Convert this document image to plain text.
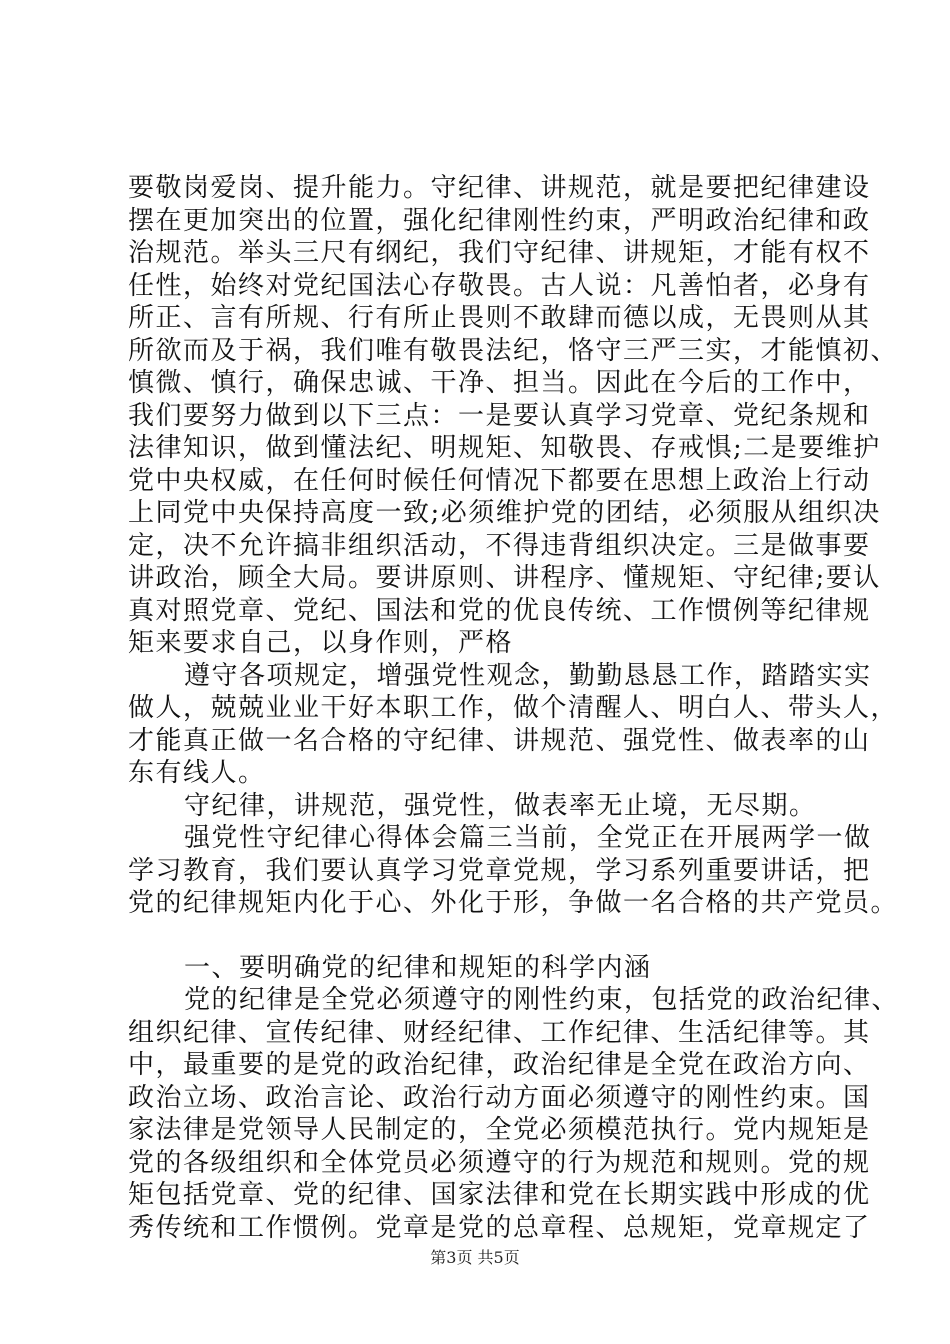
要敬岗爱岗、提升能力。守纪律、讲规范，就是要把纪律建设
摆在更加突出的位置，强化纪律刚性约束，严明政治纪律和政
治规范。举头三尺有纲纪，我们守纪律、讲规矩，才能有权不
任性，始终对党纪国法心存敬畏。古人说：凡善怕者，必身有
所正、言有所规、行有所止畏则不敢肆而德以成，无畏则从其
所欲而及于祸，我们唯有敬畏法纪，恪守三严三实，才能慎初、
慎微、慎行，确保忠诚、干净、担当。因此在今后的工作中，
我们要努力做到以下三点：一是要认真学习党章、党纪条规和
法律知识，做到懂法纪、明规矩、知敬畏、存戒惧;二是要维护
党中央权威，在任何时候任何情况下都要在思想上政治上行动
上同党中央保持高度一致;必须维护党的团结，必须服从组织决
定，决不允许搞非组织活动，不得违背组织决定。三是做事要
讲政治，顾全大局。要讲原则、讲程序、懂规矩、守纪律;要认
真对照党章、党纪、国法和党的优良传统、工作惯例等纪律规
矩来要求自己，以身作则，严格
遵守各项规定，增强党性观念，勤勤恳恳工作，踏踏实实
做人，兢兢业业干好本职工作，做个清醒人、明白人、带头人，
才能真正做一名合格的守纪律、讲规范、强党性、做表率的山
东有线人。
守纪律，讲规范，强党性，做表率无止境，无尽期。
强党性守纪律心得体会篇三当前，全党正在开展两学一做
学习教育，我们要认真学习党章党规，学习系列重要讲话，把
党的纪律规矩内化于心、外化于形，争做一名合格的共产党员。
一、要明确党的纪律和规矩的科学内涵
党的纪律是全党必须遵守的刚性约束，包括党的政治纪律、
组织纪律、宣传纪律、财经纪律、工作纪律、生活纪律等。其
中，最重要的是党的政治纪律，政治纪律是全党在政治方向、
政治立场、政治言论、政治行动方面必须遵守的刚性约束。国
家法律是党领导人民制定的，全党必须模范执行。党内规矩是
党的各级组织和全体党员必须遵守的行为规范和规则。党的规
矩包括党章、党的纪律、国家法律和党在长期实践中形成的优
秀传统和工作惯例。党章是党的总章程、总规矩，党章规定了
第3页 共5页
